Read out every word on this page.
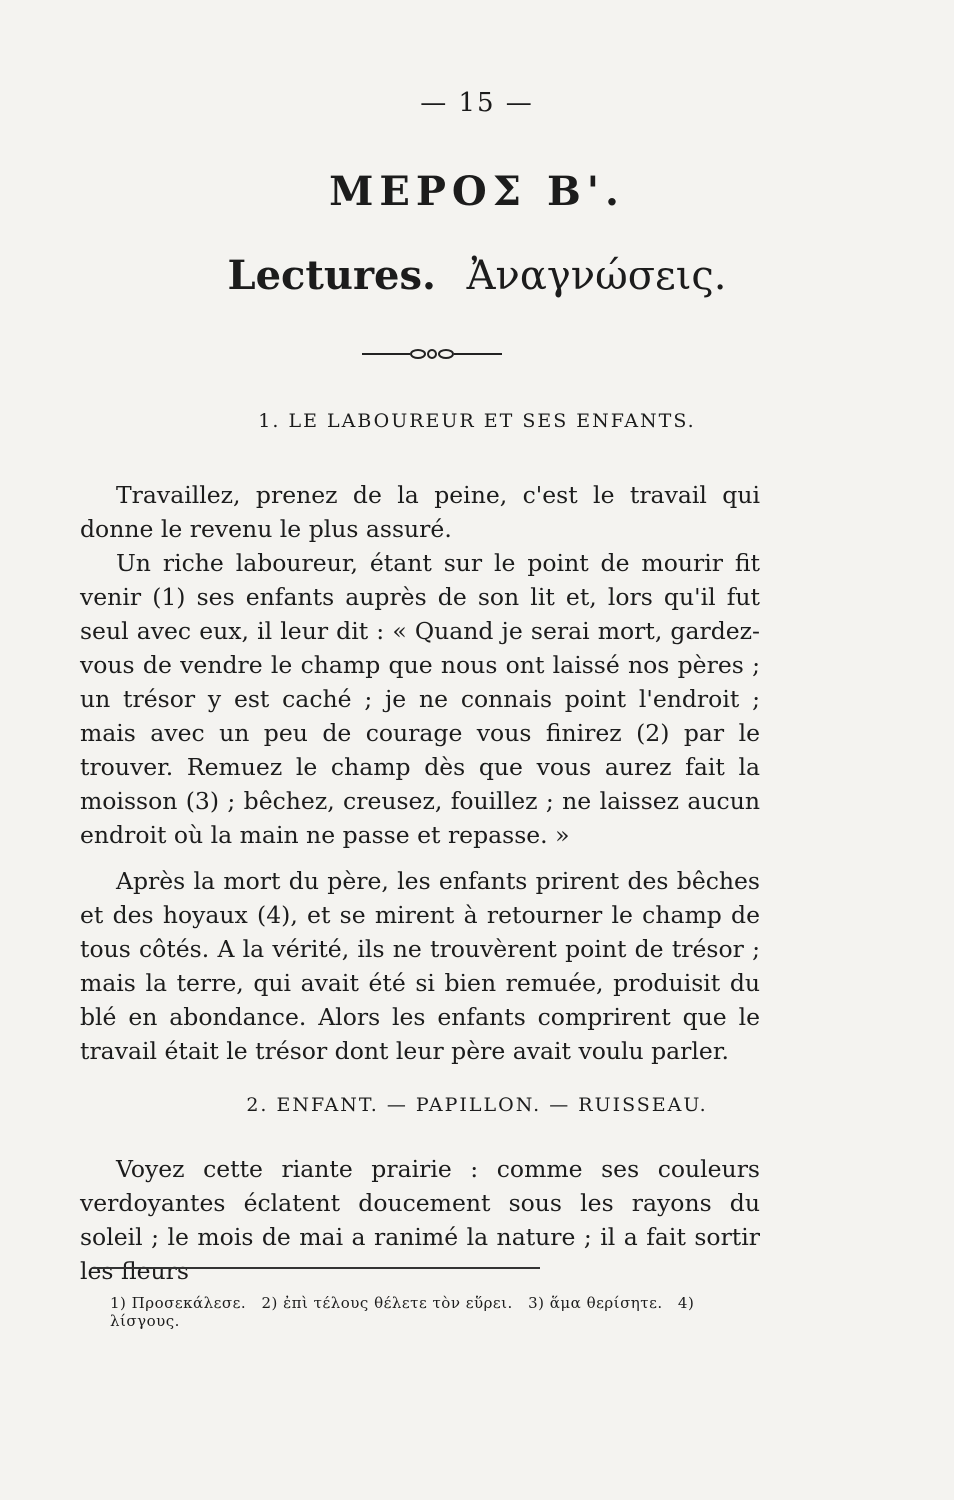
— 15 —
ΜΕΡΟΣ Β'.
Lectures. Ἀναγνώσεις.
1. LE LABOUREUR ET SES ENFANTS.

Travaillez, prenez de la peine, c'est le travail qui donne le revenu le plus assuré.

Un riche laboureur, étant sur le point de mourir fit venir (1) ses enfants auprès de son lit et, lors qu'il fut seul avec eux, il leur dit : « Quand je serai mort, gardez-vous de vendre le champ que nous ont laissé nos pères ; un trésor y est caché ; je ne connais point l'endroit ; mais avec un peu de courage vous finirez (2) par le trouver. Remuez le champ dès que vous aurez fait la moisson (3) ; bêchez, creusez, fouillez ; ne laissez aucun endroit où la main ne passe et repasse. »

Après la mort du père, les enfants prirent des bêches et des hoyaux (4), et se mirent à retourner le champ de tous côtés. A la vérité, ils ne trouvèrent point de trésor ; mais la terre, qui avait été si bien remuée, produisit du blé en abondance. Alors les enfants comprirent que le travail était le trésor dont leur père avait voulu parler.

2. ENFANT. — PAPILLON. — RUISSEAU.

Voyez cette riante prairie : comme ses couleurs verdoyantes éclatent doucement sous les rayons du soleil ; le mois de mai a ranimé la nature ; il a fait sortir les fleurs

1) Προσεκάλεσε. 2) ἐπὶ τέλους θέλετε τὸν εὕρει. 3) ἅμα θερίσητε. 4) λίσγους.
